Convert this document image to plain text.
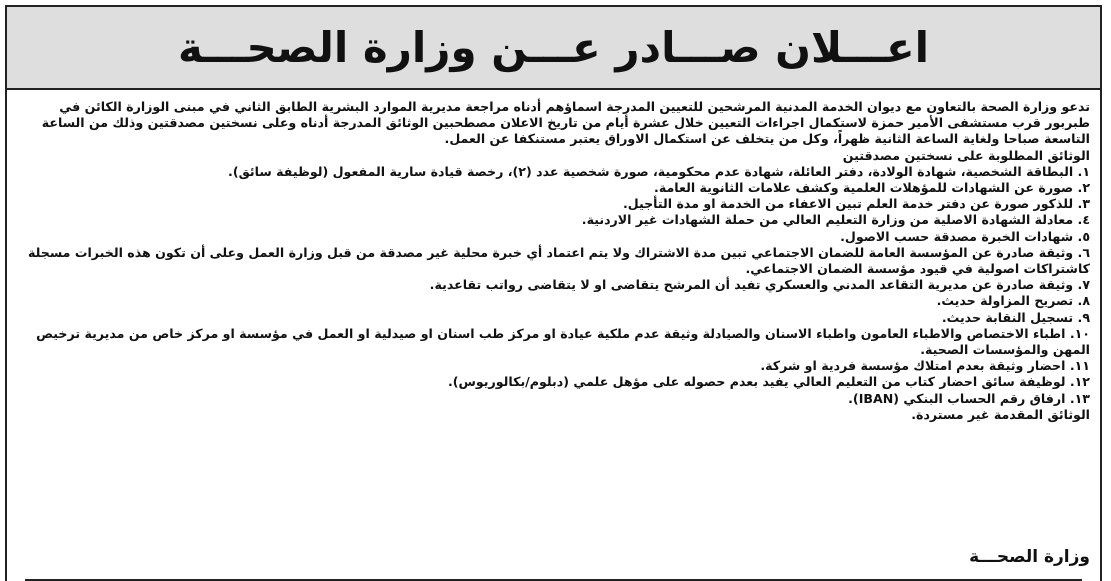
اعـــلان صـــادر عـــن وزارة الصحـــة

تدعو وزارة الصحة بالتعاون مع ديوان الخدمة المدنية المرشحين للتعيين المدرجة اسماؤهم أدناه مراجعة مديرية الموارد البشرية الطابق الثاني في مبنى الوزارة الكائن في طبربور قرب مستشفى الأمير حمزة لاستكمال اجراءات التعيين خلال عشرة أيام من تاريخ الاعلان مصطحبين الوثائق المدرجة أدناه وعلى نسختين مصدقتين وذلك من الساعة التاسعة صباحا ولغاية الساعة الثانية ظهراً، وكل من يتخلف عن استكمال الاوراق يعتبر مستنكفا عن العمل.

الوثائق المطلوبة على نسختين مصدقتين

١. البطاقة الشخصية، شهادة الولادة، دفتر العائلة، شهادة عدم محكومية، صورة شخصية عدد (٢)، رخصة قيادة سارية المفعول (لوظيفة سائق).

٢. صورة عن الشهادات للمؤهلات العلمية وكشف علامات الثانوية العامة.

٣. للذكور صورة عن دفتر خدمة العلم تبين الاعفاء من الخدمة او مدة التأجيل.

٤. معادلة الشهادة الاصلية من وزارة التعليم العالي من حملة الشهادات غير الاردنية.

٥. شهادات الخبرة مصدقة حسب الاصول.

٦. وثيقة صادرة عن المؤسسة العامة للضمان الاجتماعي تبين مدة الاشتراك ولا يتم اعتماد أي خبرة محلية غير مصدقة من قبل وزارة العمل وعلى أن تكون هذه الخبرات مسجلة كاشتراكات اصولية في قيود مؤسسة الضمان الاجتماعي.

٧. وثيقة صادرة عن مديرية التقاعد المدني والعسكري تفيد أن المرشح يتقاضى او لا يتقاضى رواتب تقاعدية.

٨. تصريح المزاولة حديث.

٩. تسجيل النقابة حديث.

١٠. اطباء الاختصاص والاطباء العامون واطباء الاسنان والصيادلة وثيقة عدم ملكية عيادة او مركز طب اسنان او صيدلية او العمل في مؤسسة او مركز خاص من مديرية ترخيص المهن والمؤسسات الصحية.

١١. احضار وثيقة بعدم امتلاك مؤسسة فردية او شركة.

١٢. لوظيفة سائق احضار كتاب من التعليم العالي يفيد بعدم حصوله على مؤهل علمي (دبلوم/بكالوريوس).

١٣. ارفاق رقم الحساب البنكي (IBAN).

الوثائق المقدمة غير مستردة.

وزارة الصحـــة
